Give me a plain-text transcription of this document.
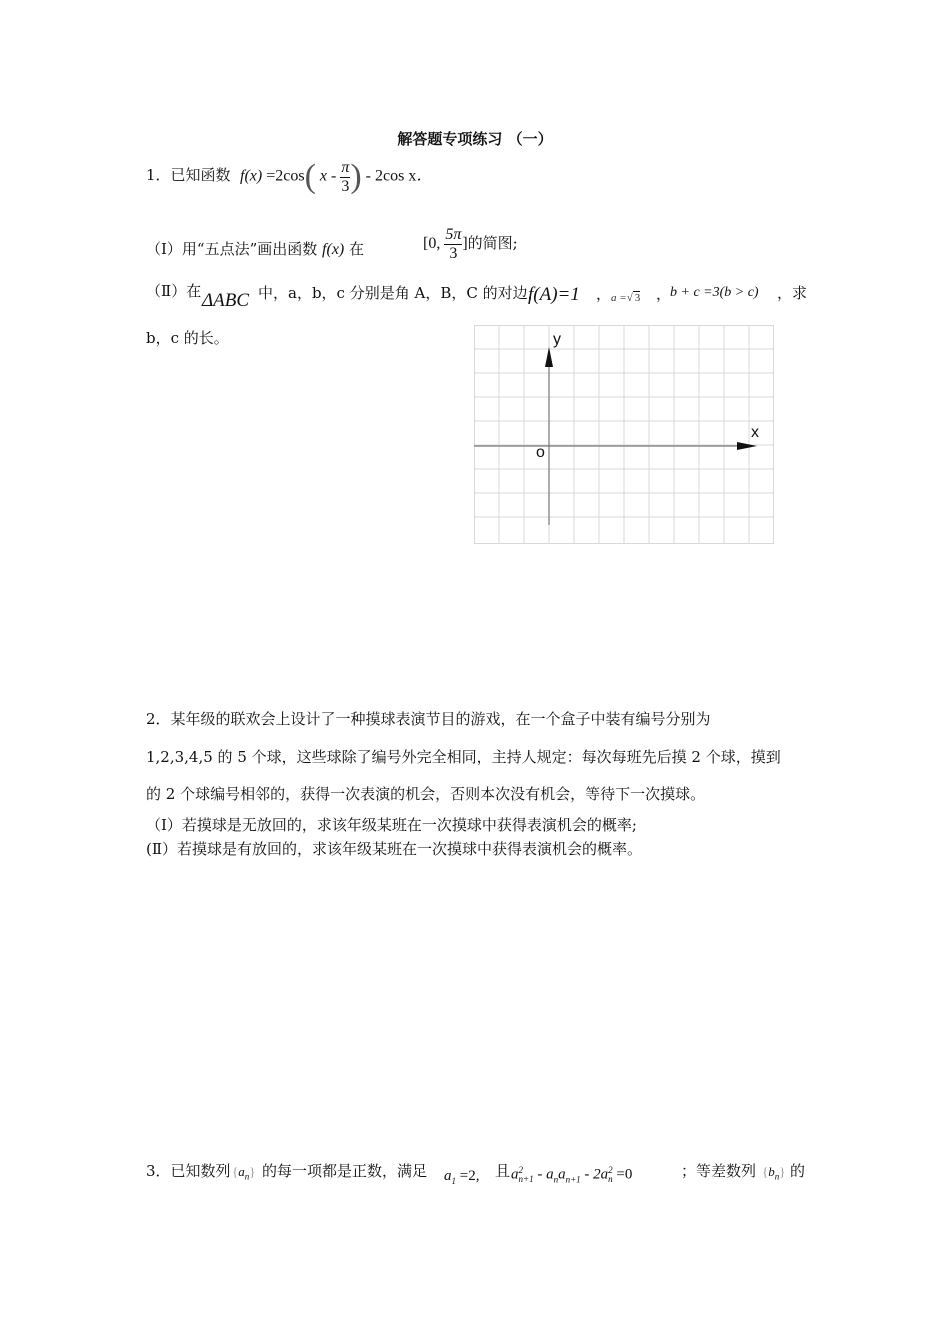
解答题专项练习 （一）
1．已知函数 f(x) =2cos( x - $\frac{\pi}{3}$ ) - 2cos x．
（Ⅰ）用“五点法”画出函数 f(x) 在	[0, $\frac{5\pi}{3}$ ]的简图;
（Ⅱ）在 ΔABC 中，a，b，c 分别是角 A，B，C 的对边，
f(A)=1 ， a =√ 3 ，
b + c =3(b > c) ，求
b，c 的长。	y
x
o
2．某年级的联欢会上设计了一种摸球表演节目的游戏，在一个盒子中装有编号分别为
1,2,3,4,5 的 5 个球，这些球除了编号外完全相同，主持人规定：每次每班先后摸 2 个球，摸到
的 2 个球编号相邻的，获得一次表演的机会，否则本次没有机会，等待下一次摸球。
（Ⅰ）若摸球是无放回的，求该年级某班在一次摸球中获得表演机会的概率;
(Ⅱ）若摸球是有放回的，求该年级某班在一次摸球中获得表演机会的概率。
3．已知数列 $\{a_n\}$ 的每一项都是正数，满足 $a_1 =2$, 且 a 2
$n+1 - a_na_{n+1} - 2a$ 2
n =0	； 等差数列 $\{b_n\}$ 的
